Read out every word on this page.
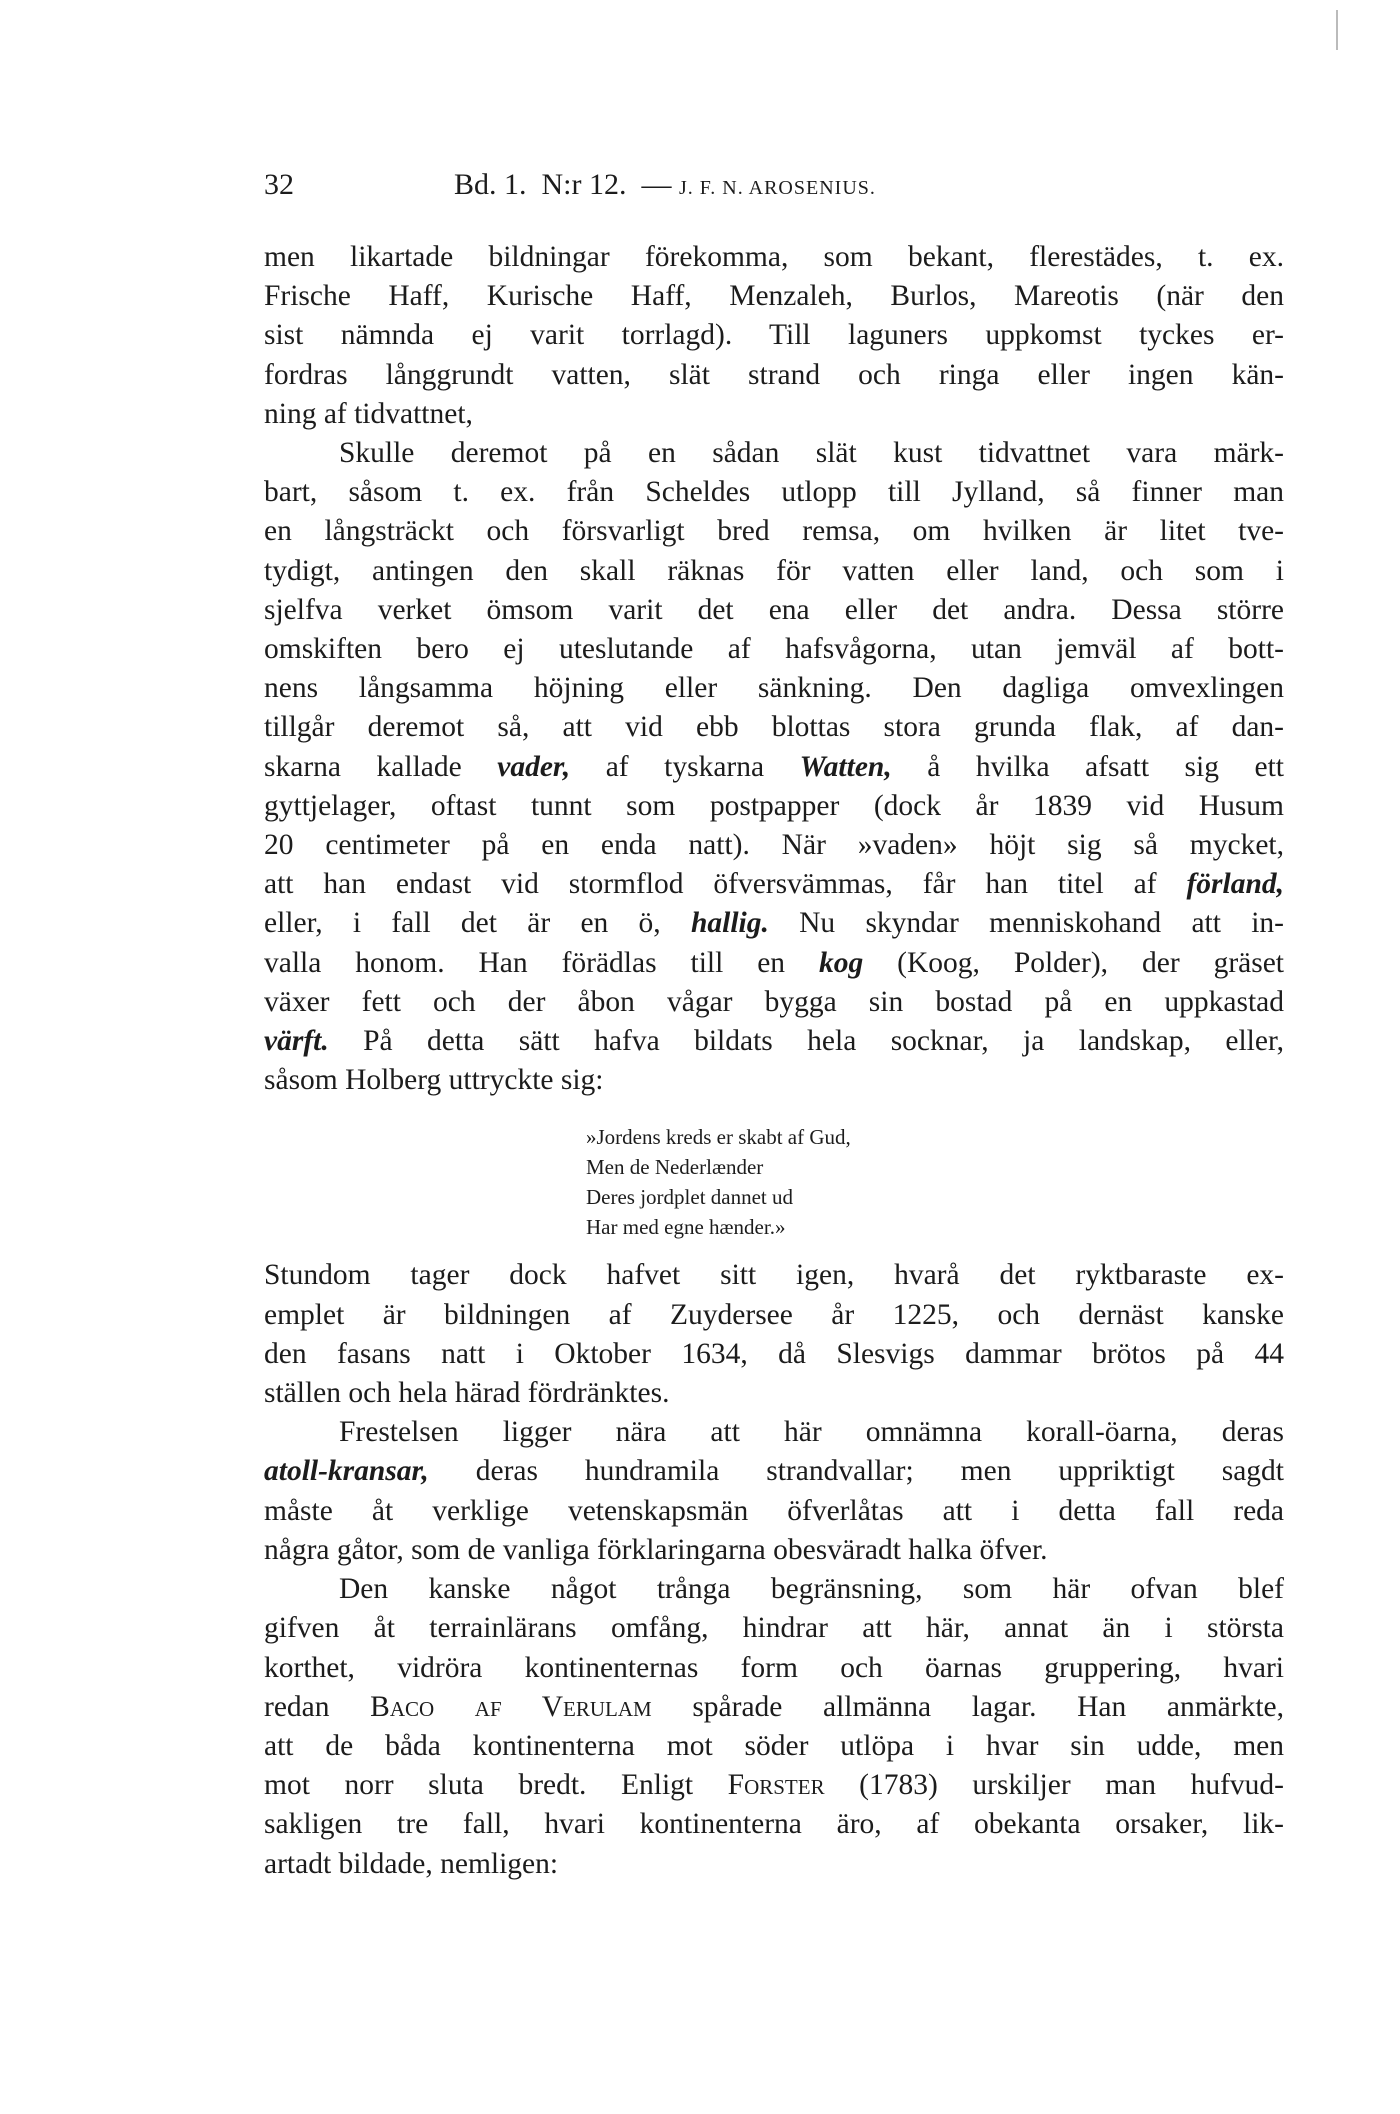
32	Bd. 1.  N:r 12.  — J. F. N. AROSENIUS.

men likartade bildningar förekomma, som bekant, flerestädes, t. ex.

Frische Haff, Kurische Haff, Menzaleh, Burlos, Mareotis (när den

sist nämnda ej varit torrlagd). Till laguners uppkomst tyckes er-

fordras långgrundt vatten, slät strand och ringa eller ingen kän-

ning af tidvattnet,

Skulle deremot på en sådan slät kust tidvattnet vara märk-

bart, såsom t. ex. från Scheldes utlopp till Jylland, så finner man

en långsträckt och försvarligt bred remsa, om hvilken är litet tve-

tydigt, antingen den skall räknas för vatten eller land, och som i

sjelfva verket ömsom varit det ena eller det andra. Dessa större

omskiften bero ej uteslutande af hafsvågorna, utan jemväl af bott-

nens långsamma höjning eller sänkning. Den dagliga omvexlingen

tillgår deremot så, att vid ebb blottas stora grunda flak, af dan-

skarna kallade vader, af tyskarna Watten, å hvilka afsatt sig ett

gyttjelager, oftast tunnt som postpapper (dock år 1839 vid Husum

20 centimeter på en enda natt). När »vaden» höjt sig så mycket,

att han endast vid stormflod öfversvämmas, får han titel af förland,

eller, i fall det är en ö, hallig. Nu skyndar menniskohand att in-

valla honom. Han förädlas till en kog (Koog, Polder), der gräset

växer fett och der åbon vågar bygga sin bostad på en uppkastad

värft. På detta sätt hafva bildats hela socknar, ja landskap, eller,

såsom Holberg uttryckte sig:

»Jordens kreds er skabt af Gud,
Men de Nederlænder
Deres jordplet dannet ud
Har med egne hænder.»

Stundom tager dock hafvet sitt igen, hvarå det ryktbaraste ex-

emplet är bildningen af Zuydersee år 1225, och dernäst kanske

den fasans natt i Oktober 1634, då Slesvigs dammar brötos på 44

ställen och hela härad fördränktes.

Frestelsen ligger nära att här omnämna korall-öarna, deras

atoll-kransar, deras hundramila strandvallar; men uppriktigt sagdt

måste åt verklige vetenskapsmän öfverlåtas att i detta fall reda

några gåtor, som de vanliga förklaringarna obesväradt halka öfver.

Den kanske något trånga begränsning, som här ofvan blef

gifven åt terrainlärans omfång, hindrar att här, annat än i största

korthet, vidröra kontinenternas form och öarnas gruppering, hvari

redan Baco af Verulam spårade allmänna lagar. Han anmärkte,

att de båda kontinenterna mot söder utlöpa i hvar sin udde, men

mot norr sluta bredt. Enligt Forster (1783) urskiljer man hufvud-

sakligen tre fall, hvari kontinenterna äro, af obekanta orsaker, lik-

artadt bildade, nemligen:
